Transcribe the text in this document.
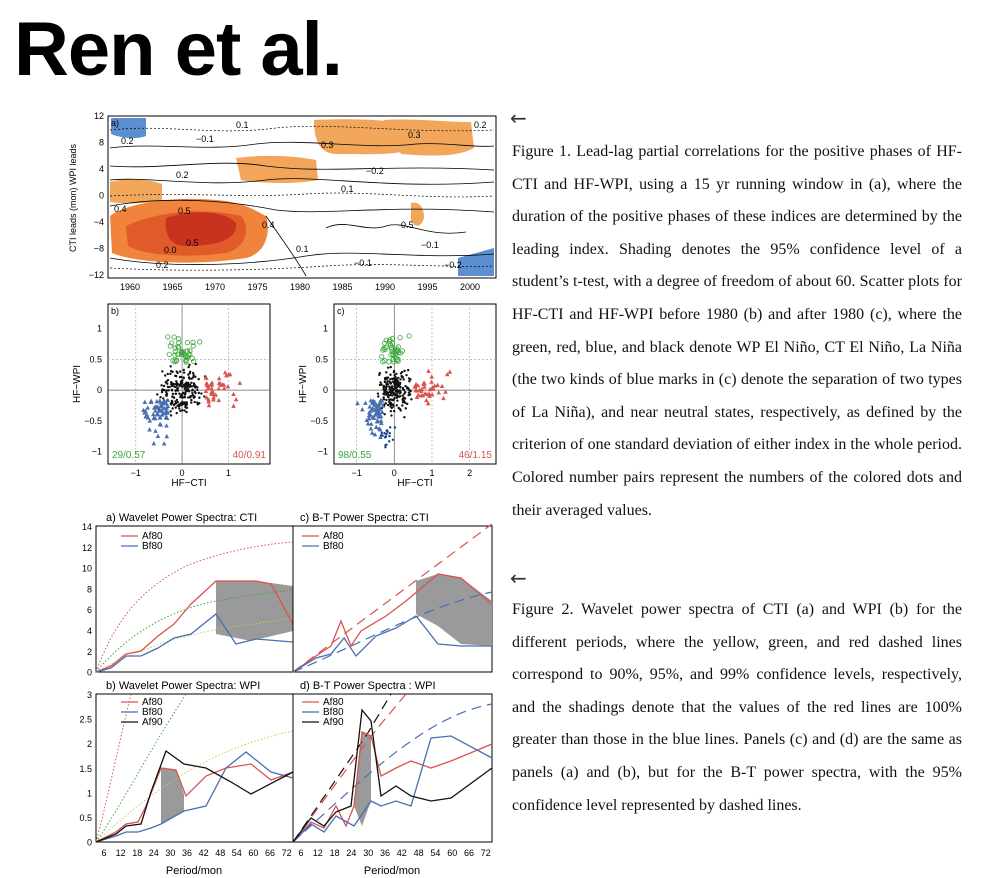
Ren et al.
0.2	−0.1
0.3
0.3
0.2
0.2
0.4	0.5
0.5
0.0
0.4
0.1
−0.1
−0.1
−0.2
0.1
0.2
0.1
−0.2
0.5
a)
12
8
4
0
−4
−8
−12
1960 1965 1970 1975 1980 1985 1990 1995 2000
CTI leads (mon) WPI leads
b)
29/0.57	40/0.91
1
0.5
0
−0.5
−1
−1	0	1
HF−CTI
HF−WPI
c)
98/0.55	46/1.15
1
0.5
0
−0.5
−1
−1	0	1	2
HF−CTI
HF−WPI
a) Wavelet Power Spectra: CTI
Af80
Bf80
14
12
10
8
6
4
2
0
c) B-T Power Spectra: CTI
Af80
Bf80
b) Wavelet Power Spectra: WPI
Af80
Bf80
Af90
3
2.5
2
1.5
1
0.5
0
d) B-T Power Spectra : WPI
Af80
Bf80
Af90
6 12 18 24 30 36 42 48 54 60 66 72 6 12 18 24 30 36 42 48 54 60 66 72
Period/mon	Period/mon
←
Figure 1. Lead-lag partial correlations for the positive phases of HF-CTI and HF-WPI, using a 15 yr running window in (a), where the duration of the positive phases of these indices are determined by the leading index. Shading denotes the 95% confidence level of a student’s t-test, with a degree of freedom of about 60. Scatter plots for HF-CTI and HF-WPI before 1980 (b) and after 1980 (c), where the green, red, blue, and black denote WP El Niño, CT El Niño, La Niña (the two kinds of blue marks in (c) denote the separation of two types of La Niña), and near neutral states, respectively, as defined by the criterion of one standard deviation of either index in the whole period. Colored number pairs represent the numbers of the colored dots and their averaged values.
←
Figure 2. Wavelet power spectra of CTI (a) and WPI (b) for the different periods, where the yellow, green, and red dashed lines correspond to 90%, 95%, and 99% confidence levels, respectively, and the shadings denote that the values of the red lines are 100% greater than those in the blue lines. Panels (c) and (d) are the same as panels (a) and (b), but for the B-T power spectra, with the 95% confidence level represented by dashed lines.
